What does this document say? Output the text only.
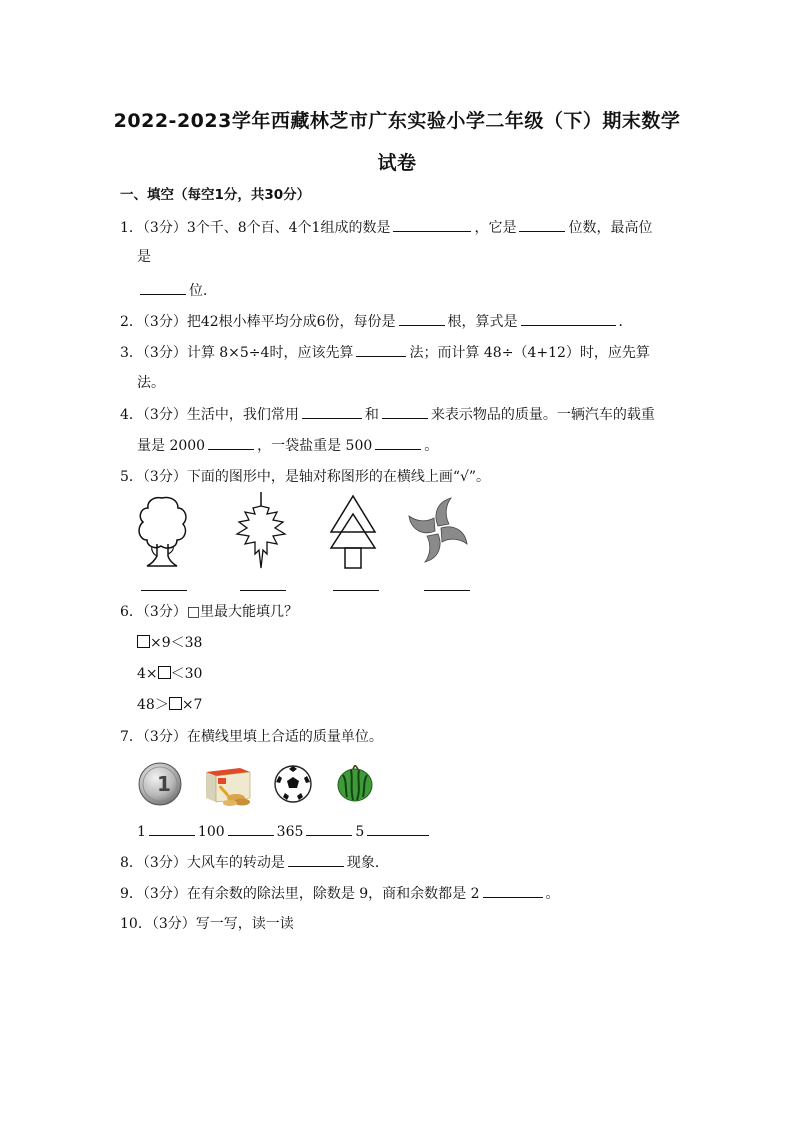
2022-2023学年西藏林芝市广东实验小学二年级（下）期末数学
试卷
一、填空（每空1分，共30分）
1．（3分）3个千、8个百、4个1组成的数是	，它是	位数，最高位
是
位．
2．（3分）把42根小棒平均分成6份，每份是	根，算式是	．
3．（3分）计算 8×5÷4时，应该先算	法；而计算 48÷（4+12）时，应先算
法。
4．（3分）生活中，我们常用	和	来表示物品的质量。一辆汽车的载重
量是 2000	，一袋盐重是 500	。
5．（3分）下面的图形中，是轴对称图形的在横线上画“√”。
6．（3分）□里最大能填几？
×9＜38
4× ＜30
48＞ ×7
7．（3分）在横线里填上合适的质量单位。
1
1	100	365	5
8．（3分）大风车的转动是	现象．
9．（3分）在有余数的除法里，除数是 9，商和余数都是 2	。
10．（3分）写一写，读一读
